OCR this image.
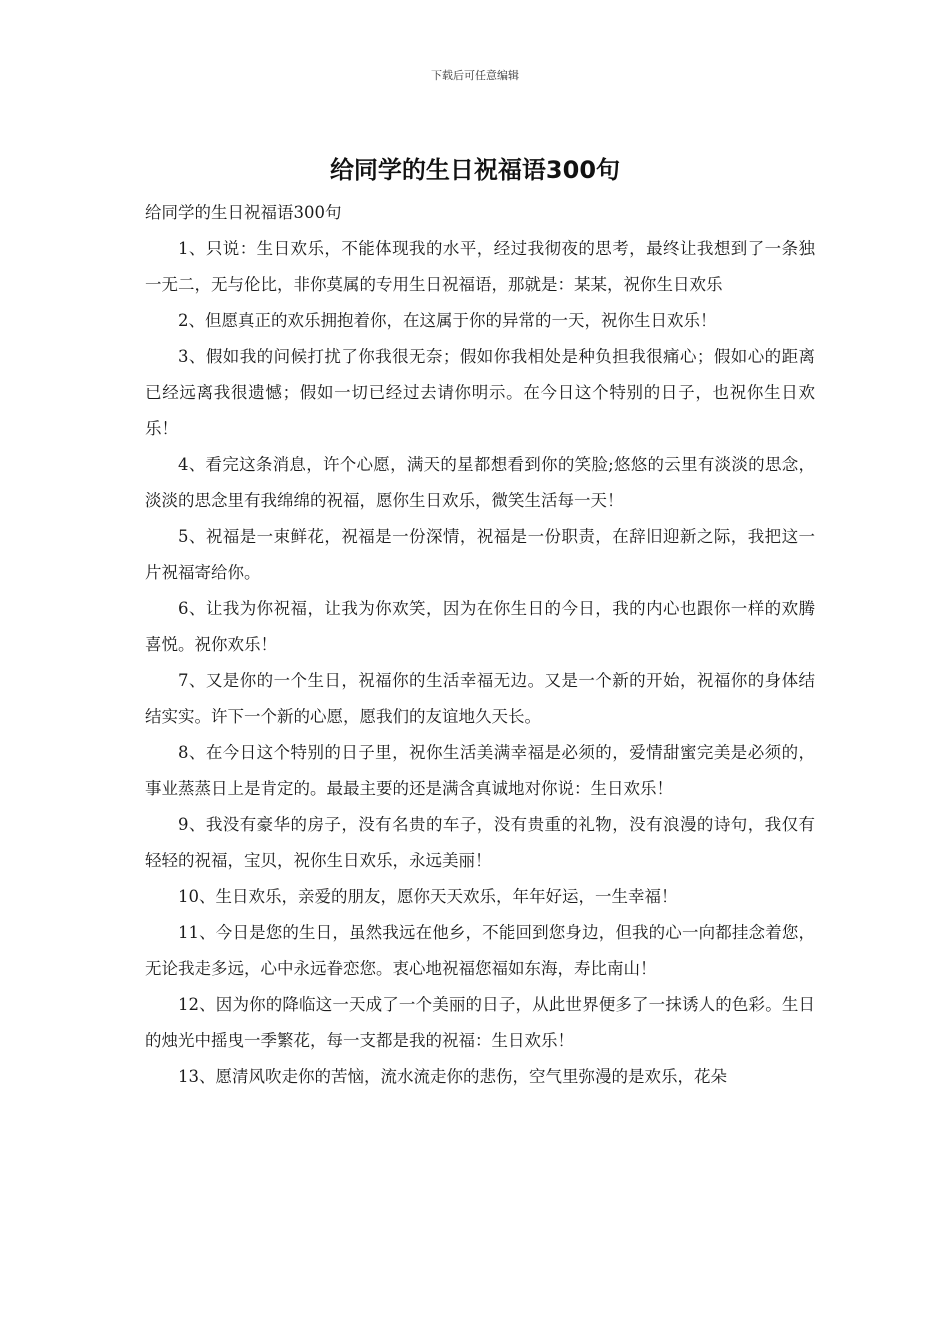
下载后可任意编辑
给同学的生日祝福语300句

给同学的生日祝福语300句

1、只说：生日欢乐，不能体现我的水平，经过我彻夜的思考，最终让我想到了一条独一无二，无与伦比，非你莫属的专用生日祝福语，那就是：某某，祝你生日欢乐

2、但愿真正的欢乐拥抱着你，在这属于你的异常的一天，祝你生日欢乐！

3、假如我的问候打扰了你我很无奈；假如你我相处是种负担我很痛心；假如心的距离已经远离我很遗憾；假如一切已经过去请你明示。在今日这个特别的日子，也祝你生日欢乐！

4、看完这条消息，许个心愿，满天的星都想看到你的笑脸;悠悠的云里有淡淡的思念，淡淡的思念里有我绵绵的祝福，愿你生日欢乐，微笑生活每一天！

5、祝福是一束鲜花，祝福是一份深情，祝福是一份职责，在辞旧迎新之际，我把这一片祝福寄给你。

6、让我为你祝福，让我为你欢笑，因为在你生日的今日，我的内心也跟你一样的欢腾喜悦。祝你欢乐！

7、又是你的一个生日，祝福你的生活幸福无边。又是一个新的开始，祝福你的身体结结实实。许下一个新的心愿，愿我们的友谊地久天长。

8、在今日这个特别的日子里，祝你生活美满幸福是必须的，爱情甜蜜完美是必须的，事业蒸蒸日上是肯定的。最最主要的还是满含真诚地对你说：生日欢乐！

9、我没有豪华的房子，没有名贵的车子，没有贵重的礼物，没有浪漫的诗句，我仅有轻轻的祝福，宝贝，祝你生日欢乐，永远美丽！

10、生日欢乐，亲爱的朋友，愿你天天欢乐，年年好运，一生幸福！

11、今日是您的生日，虽然我远在他乡，不能回到您身边，但我的心一向都挂念着您，无论我走多远，心中永远眷恋您。衷心地祝福您福如东海，寿比南山！

12、因为你的降临这一天成了一个美丽的日子，从此世界便多了一抹诱人的色彩。生日的烛光中摇曳一季繁花，每一支都是我的祝福：生日欢乐！

13、愿清风吹走你的苦恼，流水流走你的悲伤，空气里弥漫的是欢乐，花朵
